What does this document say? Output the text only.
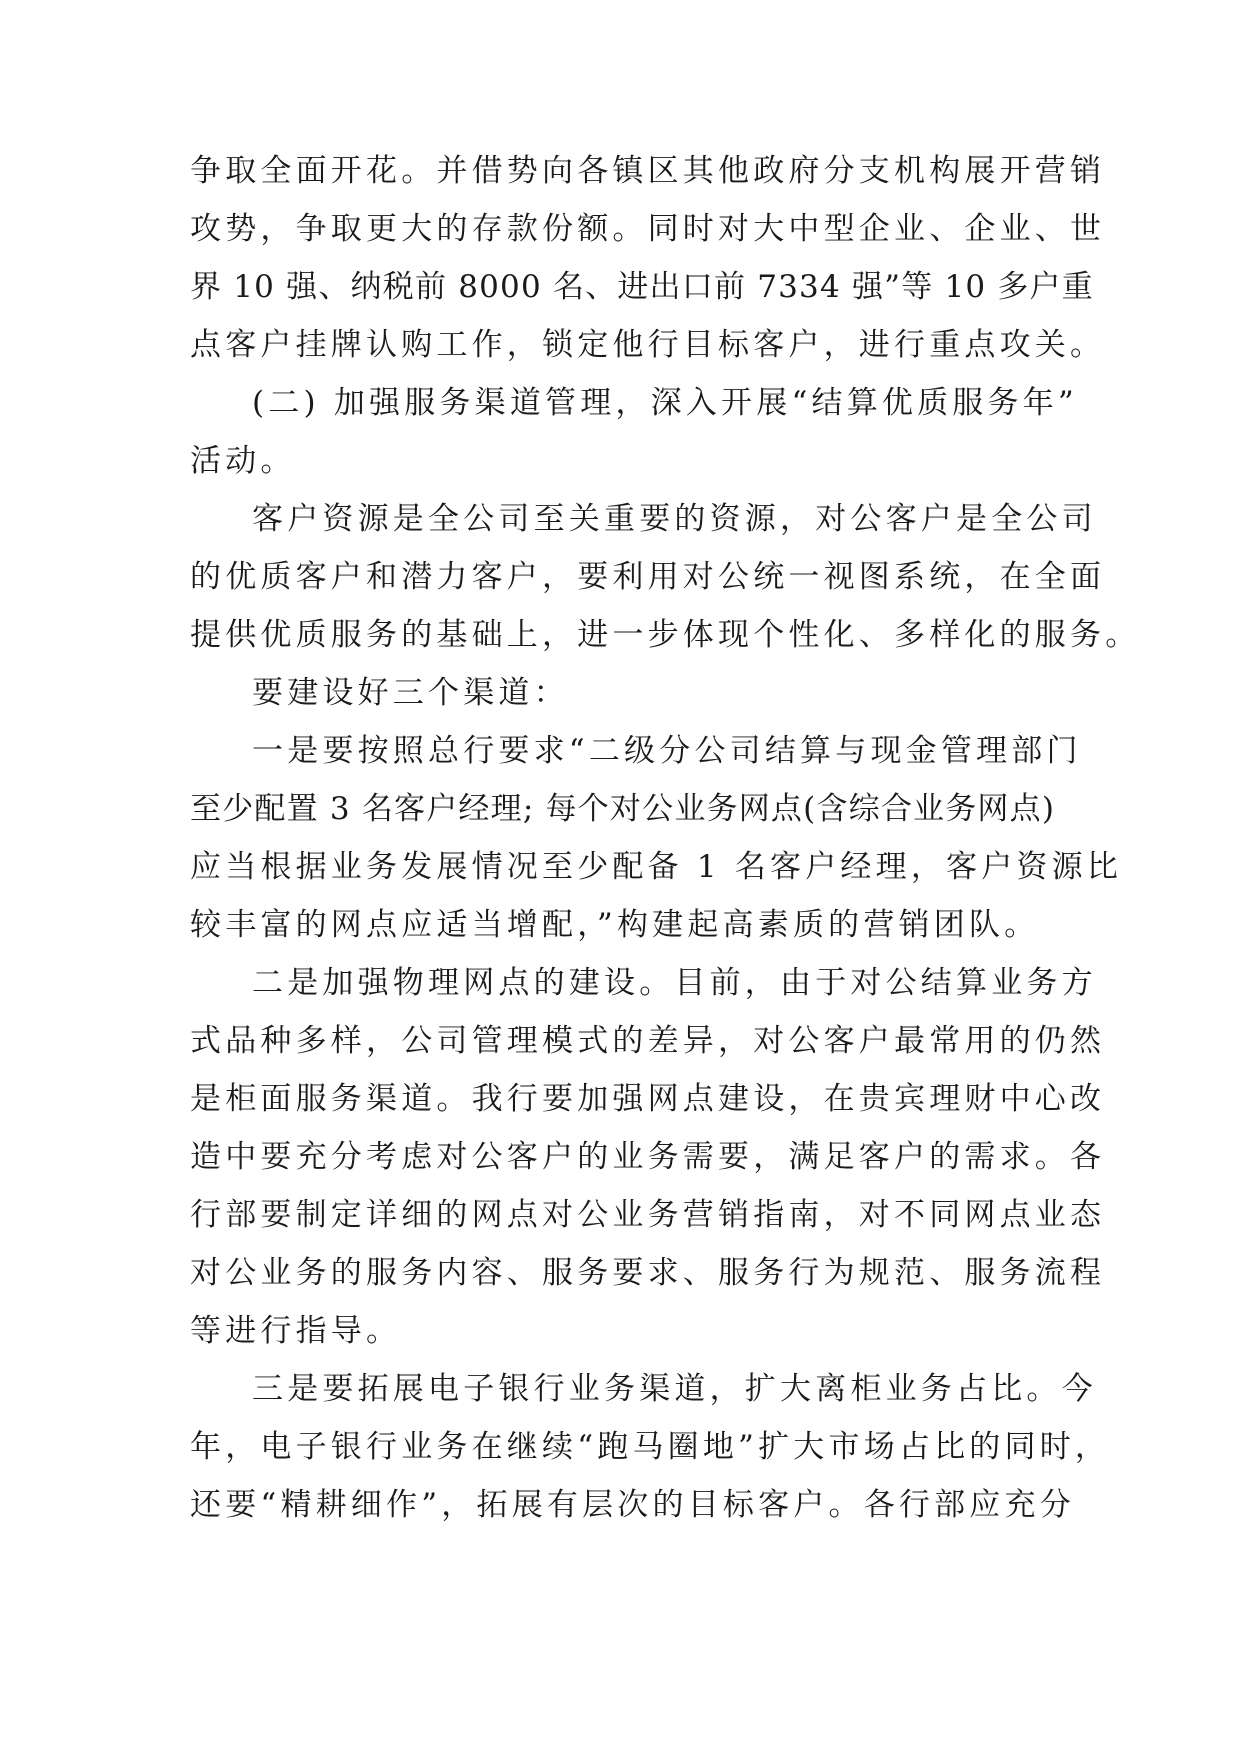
争取全面开花。并借势向各镇区其他政府分支机构展开营销
攻势，争取更大的存款份额。同时对大中型企业、企业、世
界 10 强、纳税前 8000 名、进出口前 7334 强”等 10 多户重
点客户挂牌认购工作，锁定他行目标客户，进行重点攻关。
(二) 加强服务渠道管理，深入开展“结算优质服务年”
活动。
客户资源是全公司至关重要的资源，对公客户是全公司
的优质客户和潜力客户，要利用对公统一视图系统，在全面
提供优质服务的基础上，进一步体现个性化、多样化的服务。
要建设好三个渠道：
一是要按照总行要求“二级分公司结算与现金管理部门
至少配置 3 名客户经理; 每个对公业务网点(含综合业务网点)
应当根据业务发展情况至少配备 1 名客户经理，客户资源比
较丰富的网点应适当增配，”构建起高素质的营销团队。
二是加强物理网点的建设。目前，由于对公结算业务方
式品种多样，公司管理模式的差异，对公客户最常用的仍然
是柜面服务渠道。我行要加强网点建设，在贵宾理财中心改
造中要充分考虑对公客户的业务需要，满足客户的需求。各
行部要制定详细的网点对公业务营销指南，对不同网点业态
对公业务的服务内容、服务要求、服务行为规范、服务流程
等进行指导。
三是要拓展电子银行业务渠道，扩大离柜业务占比。今
年，电子银行业务在继续“跑马圈地”扩大市场占比的同时，
还要“精耕细作”，拓展有层次的目标客户。各行部应充分
